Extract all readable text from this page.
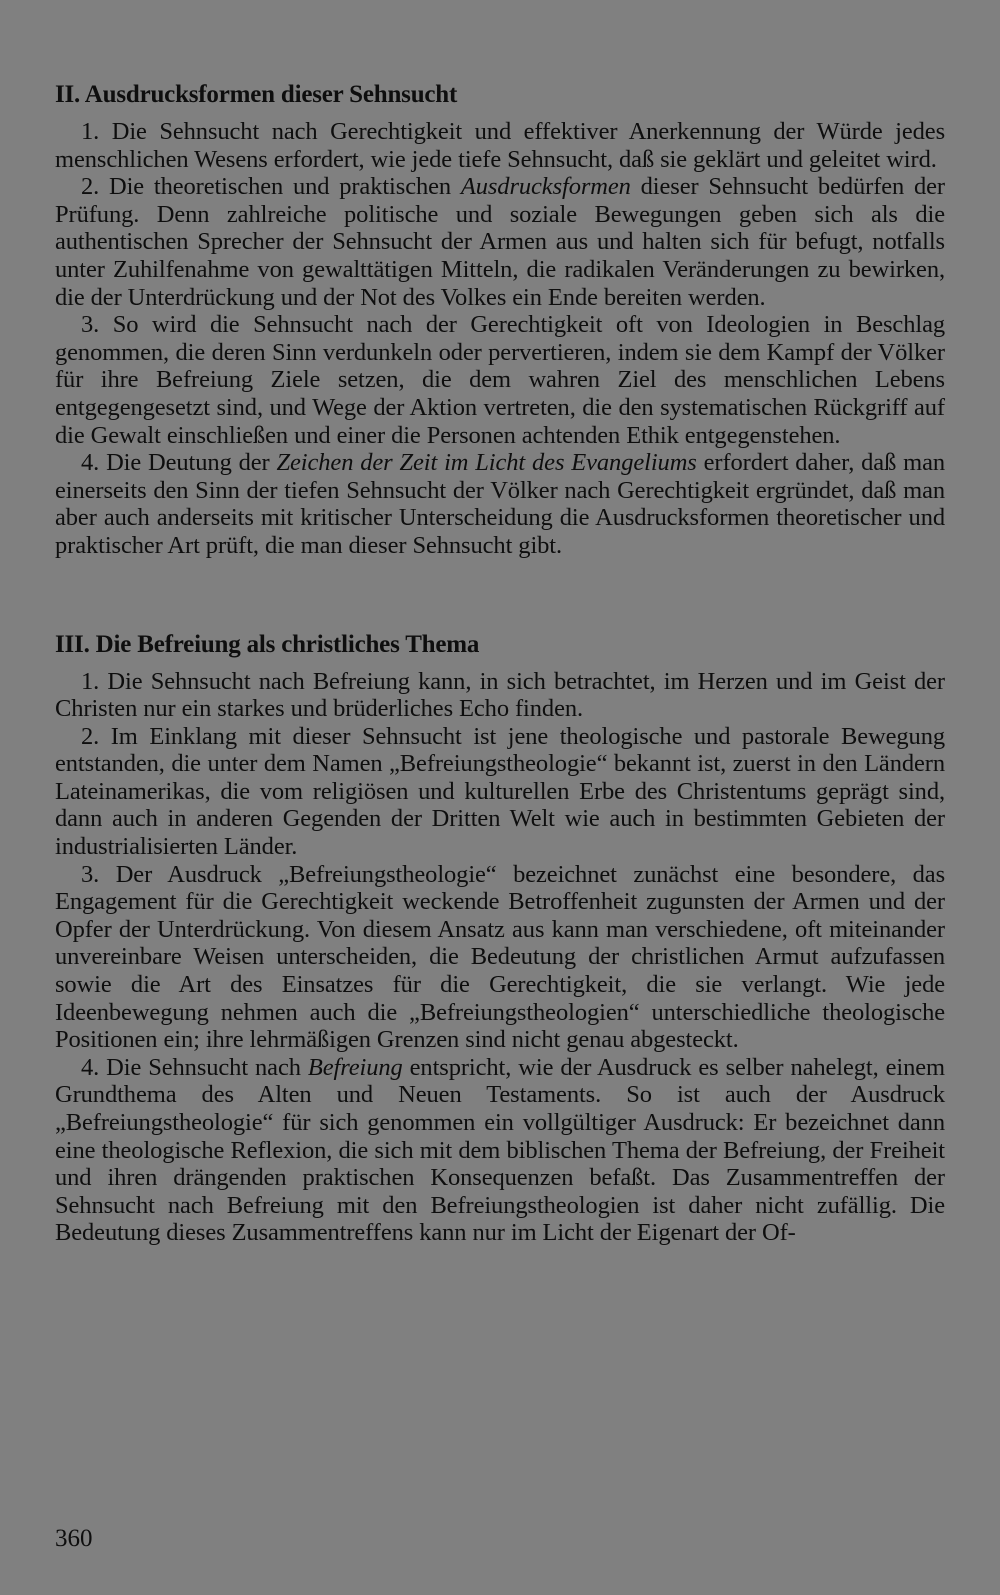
II. Ausdrucksformen dieser Sehnsucht

1. Die Sehnsucht nach Gerechtigkeit und effektiver Anerkennung der Würde jedes menschlichen Wesens erfordert, wie jede tiefe Sehnsucht, daß sie geklärt und geleitet wird.

2. Die theoretischen und praktischen Ausdrucksformen dieser Sehnsucht bedürfen der Prüfung. Denn zahlreiche politische und soziale Bewegungen geben sich als die authentischen Sprecher der Sehnsucht der Armen aus und halten sich für befugt, notfalls unter Zuhilfenahme von gewalttätigen Mitteln, die radikalen Veränderungen zu bewirken, die der Unterdrückung und der Not des Volkes ein Ende bereiten werden.

3. So wird die Sehnsucht nach der Gerechtigkeit oft von Ideologien in Beschlag genommen, die deren Sinn verdunkeln oder pervertieren, indem sie dem Kampf der Völker für ihre Befreiung Ziele setzen, die dem wahren Ziel des menschlichen Lebens entgegengesetzt sind, und Wege der Aktion vertreten, die den systematischen Rückgriff auf die Gewalt einschließen und einer die Personen achtenden Ethik entgegenstehen.

4. Die Deutung der Zeichen der Zeit im Licht des Evangeliums erfordert daher, daß man einerseits den Sinn der tiefen Sehnsucht der Völker nach Gerechtigkeit ergründet, daß man aber auch anderseits mit kritischer Unterscheidung die Ausdrucksformen theoretischer und praktischer Art prüft, die man dieser Sehnsucht gibt.

III. Die Befreiung als christliches Thema

1. Die Sehnsucht nach Befreiung kann, in sich betrachtet, im Herzen und im Geist der Christen nur ein starkes und brüderliches Echo finden.

2. Im Einklang mit dieser Sehnsucht ist jene theologische und pastorale Bewegung entstanden, die unter dem Namen „Befreiungstheologie“ bekannt ist, zuerst in den Ländern Lateinamerikas, die vom religiösen und kulturellen Erbe des Christentums geprägt sind, dann auch in anderen Gegenden der Dritten Welt wie auch in bestimmten Gebieten der industrialisierten Länder.

3. Der Ausdruck „Befreiungstheologie“ bezeichnet zunächst eine besondere, das Engagement für die Gerechtigkeit weckende Betroffenheit zugunsten der Armen und der Opfer der Unterdrückung. Von diesem Ansatz aus kann man verschiedene, oft miteinander unvereinbare Weisen unterscheiden, die Bedeutung der christlichen Armut aufzufassen sowie die Art des Einsatzes für die Gerechtigkeit, die sie verlangt. Wie jede Ideenbewegung nehmen auch die „Befreiungstheologien“ unterschiedliche theologische Positionen ein; ihre lehrmäßigen Grenzen sind nicht genau abgesteckt.

4. Die Sehnsucht nach Befreiung entspricht, wie der Ausdruck es selber nahelegt, einem Grundthema des Alten und Neuen Testaments. So ist auch der Ausdruck „Befreiungstheologie“ für sich genommen ein vollgültiger Ausdruck: Er bezeichnet dann eine theologische Reflexion, die sich mit dem biblischen Thema der Befreiung, der Freiheit und ihren drängenden praktischen Konsequenzen befaßt. Das Zusammentreffen der Sehnsucht nach Befreiung mit den Befreiungstheologien ist daher nicht zufällig. Die Bedeutung dieses Zusammentreffens kann nur im Licht der Eigenart der Of-

360
